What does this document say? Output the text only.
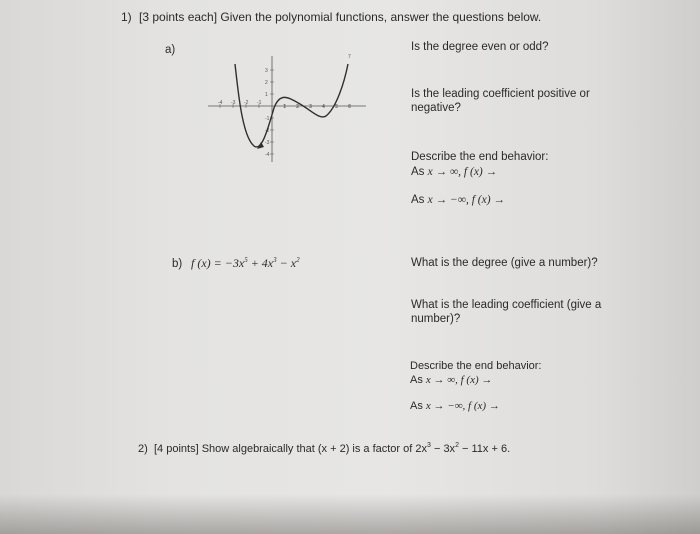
1) [3 points each] Given the polynomial functions, answer the questions below.
a)
-4 -3 -2 -1
1 2 3 4 5 6
3
2
1
-1
-2
-3
-4
7
Is the degree even or odd?
Is the leading coefficient positive or
negative?
Describe the end behavior:
As x → ∞, f (x) →
As x → −∞, f (x) →
b) f $(x) = -3x^5 + 4x^3 - x^2$	What is the degree (give a number)?
What is the leading coefficient (give a
number)?
Describe the end behavior:
As x → ∞, f (x) →
As x → −∞, f (x) →
2) [4 points] Show algebraically that (x + 2) is a factor of $2x^3 - 3x^2 - 11x + 6$.
